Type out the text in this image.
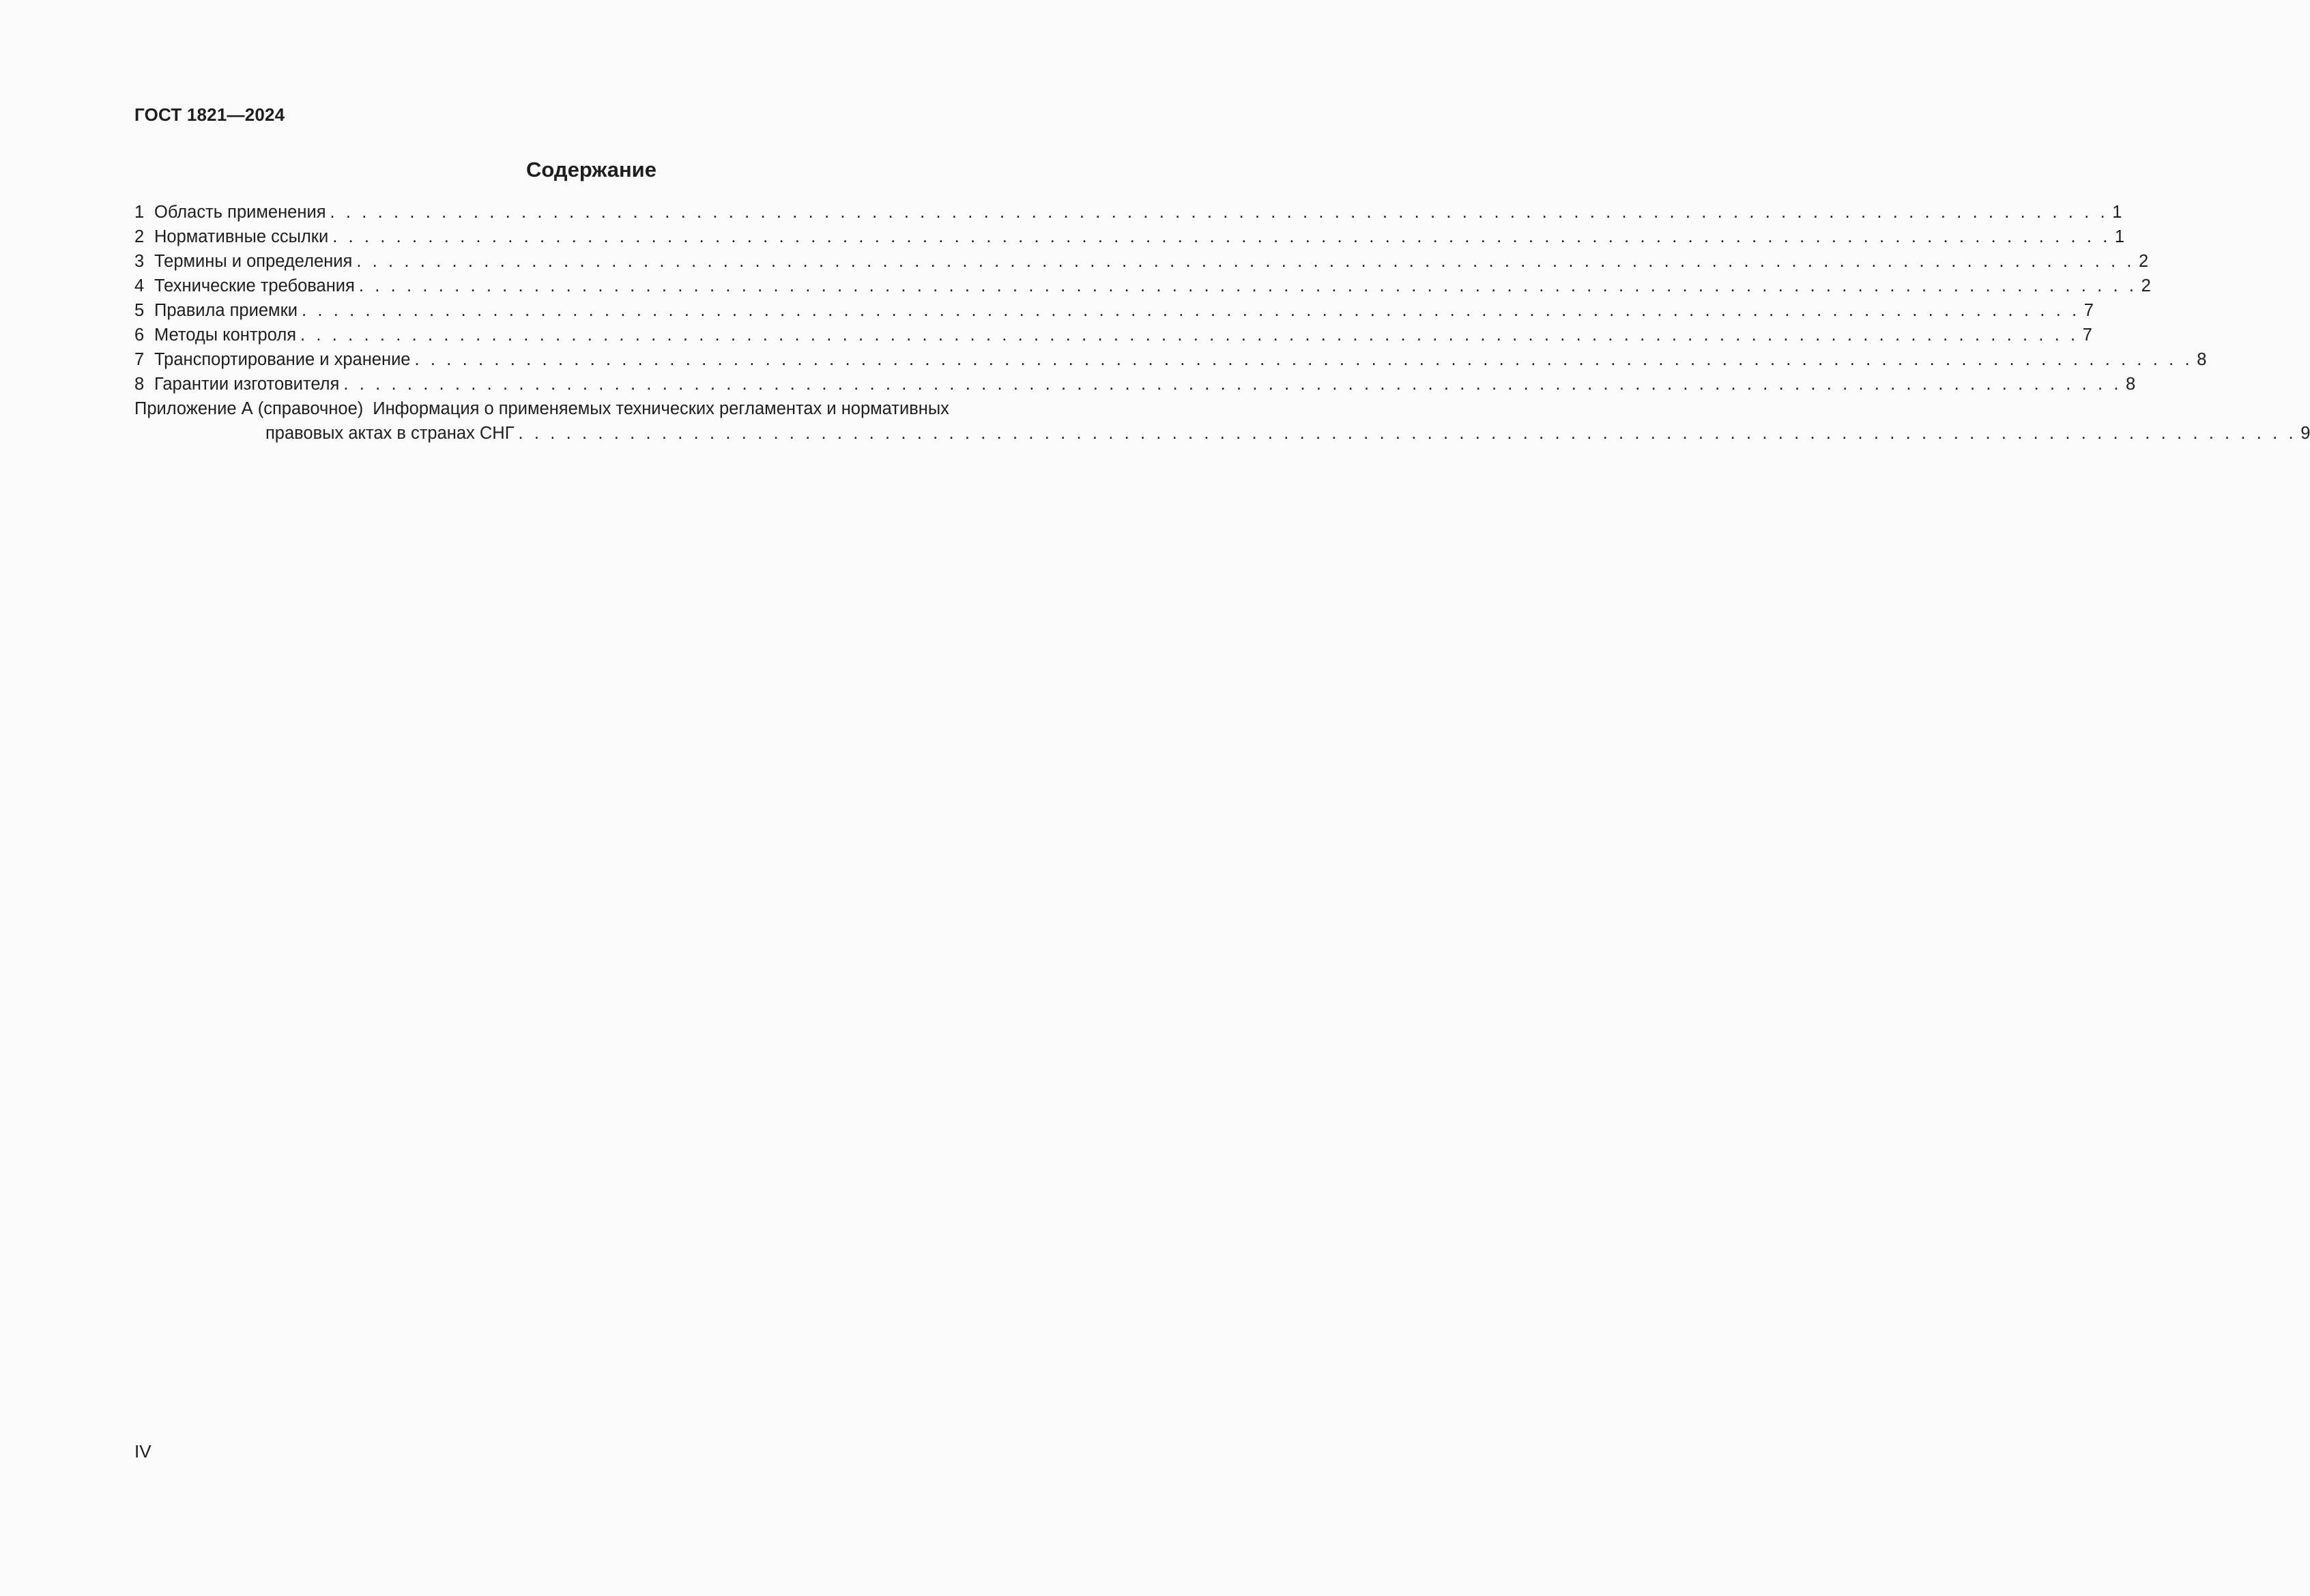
ГОСТ 1821—2024
Содержание
1 Область применения . . . . . . . . . . . . . . . . . . . . . . . . . . . . . . . . . . . . . . . . . . . . . . . . . . . . . . . . . . . . . . . . . . . . . . . . . . . . . . . . . . . . . . . . . . . . . . . . . . . . . . . . . . . . . . . . 1
2 Нормативные ссылки . . . . . . . . . . . . . . . . . . . . . . . . . . . . . . . . . . . . . . . . . . . . . . . . . . . . . . . . . . . . . . . . . . . . . . . . . . . . . . . . . . . . . . . . . . . . . . . . . . . . . . . . . . . . . . . . 1
3 Термины и определения . . . . . . . . . . . . . . . . . . . . . . . . . . . . . . . . . . . . . . . . . . . . . . . . . . . . . . . . . . . . . . . . . . . . . . . . . . . . . . . . . . . . . . . . . . . . . . . . . . . . . . . . . . . . . . . . 2
4 Технические требования . . . . . . . . . . . . . . . . . . . . . . . . . . . . . . . . . . . . . . . . . . . . . . . . . . . . . . . . . . . . . . . . . . . . . . . . . . . . . . . . . . . . . . . . . . . . . . . . . . . . . . . . . . . . . . . . 2
5 Правила приемки . . . . . . . . . . . . . . . . . . . . . . . . . . . . . . . . . . . . . . . . . . . . . . . . . . . . . . . . . . . . . . . . . . . . . . . . . . . . . . . . . . . . . . . . . . . . . . . . . . . . . . . . . . . . . . . . 7
6 Методы контроля . . . . . . . . . . . . . . . . . . . . . . . . . . . . . . . . . . . . . . . . . . . . . . . . . . . . . . . . . . . . . . . . . . . . . . . . . . . . . . . . . . . . . . . . . . . . . . . . . . . . . . . . . . . . . . . . 7
7 Транспортирование и хранение . . . . . . . . . . . . . . . . . . . . . . . . . . . . . . . . . . . . . . . . . . . . . . . . . . . . . . . . . . . . . . . . . . . . . . . . . . . . . . . . . . . . . . . . . . . . . . . . . . . . . . . . . . . . . . . . 8
8 Гарантии изготовителя . . . . . . . . . . . . . . . . . . . . . . . . . . . . . . . . . . . . . . . . . . . . . . . . . . . . . . . . . . . . . . . . . . . . . . . . . . . . . . . . . . . . . . . . . . . . . . . . . . . . . . . . . . . . . . . . 8
Приложение А (справочное) Информация о применяемых технических регламентах и нормативных
правовых актах в странах СНГ . . . . . . . . . . . . . . . . . . . . . . . . . . . . . . . . . . . . . . . . . . . . . . . . . . . . . . . . . . . . . . . . . . . . . . . . . . . . . . . . . . . . . . . . . . . . . . . . . . . . . . . . . . . . . . . . 9
IV
